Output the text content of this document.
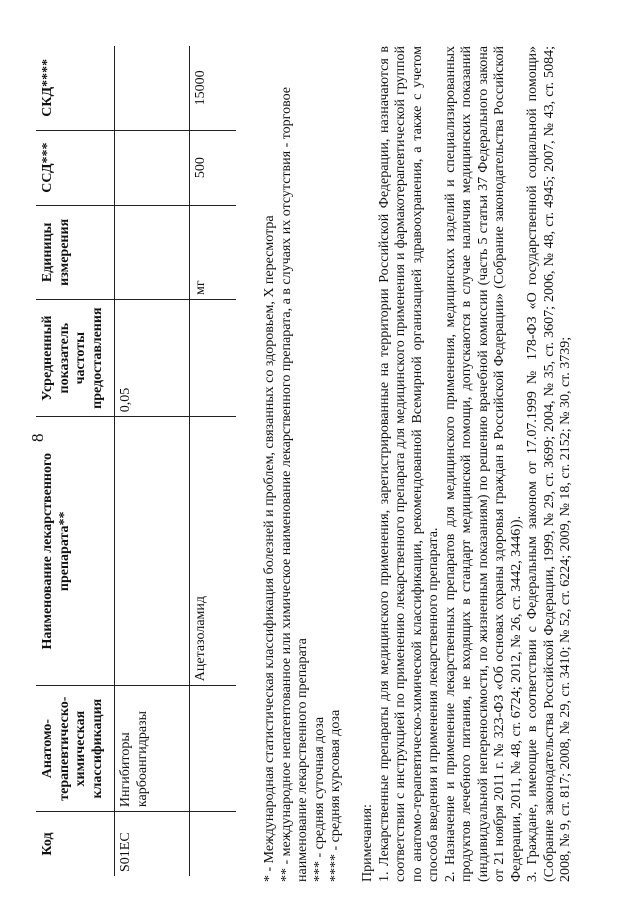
8
Код	Анатомо-терапевтическо-химическая классификация	Наименование лекарственного препарата**	Усредненный показатель частоты предоставления	Единицы измерения	ССД***	СКД****
S01EC	Ингибиторы карбоангидразы		0,05			
		Ацетазоламид		мг	500	15000

* - Международная статистическая классификация болезней и проблем, связанных со здоровьем, X пересмотра ** - международное непатентованное или химическое наименование лекарственного препарата, а в случаях их отсутствия - торговое наименование лекарственного препарата *** - средняя суточная доза **** - средняя курсовая доза Примечания: 1. Лекарственные препараты для медицинского применения, зарегистрированные на территории Российской Федерации, назначаются в соответствии с инструкцией по применению лекарственного препарата для медицинского применения и фармакотерапевтической группой по анатомо-терапевтическо-химической классификации, рекомендованной Всемирной организацией здравоохранения, а также с учетом способа введения и применения лекарственного препарата. 2. Назначение и применение лекарственных препаратов для медицинского применения, медицинских изделий и специализированных продуктов лечебного питания, не входящих в стандарт медицинской помощи, допускаются в случае наличия медицинских показаний (индивидуальной непереносимости, по жизненным показаниям) по решению врачебной комиссии (часть 5 статьи 37 Федерального закона от 21 ноября 2011 г. № 323-ФЗ «Об основах охраны здоровья граждан в Российской Федерации» (Собрание законодательства Российской Федерации, 2011, № 48, ст. 6724; 2012, № 26, ст. 3442, 3446)). 3. Граждане, имеющие в соответствии с Федеральным законом от 17.07.1999 № 178-ФЗ «О государственной социальной помощи» (Собрание законодательства Российской Федерации, 1999, № 29, ст. 3699; 2004, № 35, ст. 3607; 2006, № 48, ст. 4945; 2007, № 43, ст. 5084; 2008, № 9, ст. 817; 2008, № 29, ст. 3410; № 52, ст. 6224; 2009, № 18, ст. 2152; № 30, ст. 3739;
